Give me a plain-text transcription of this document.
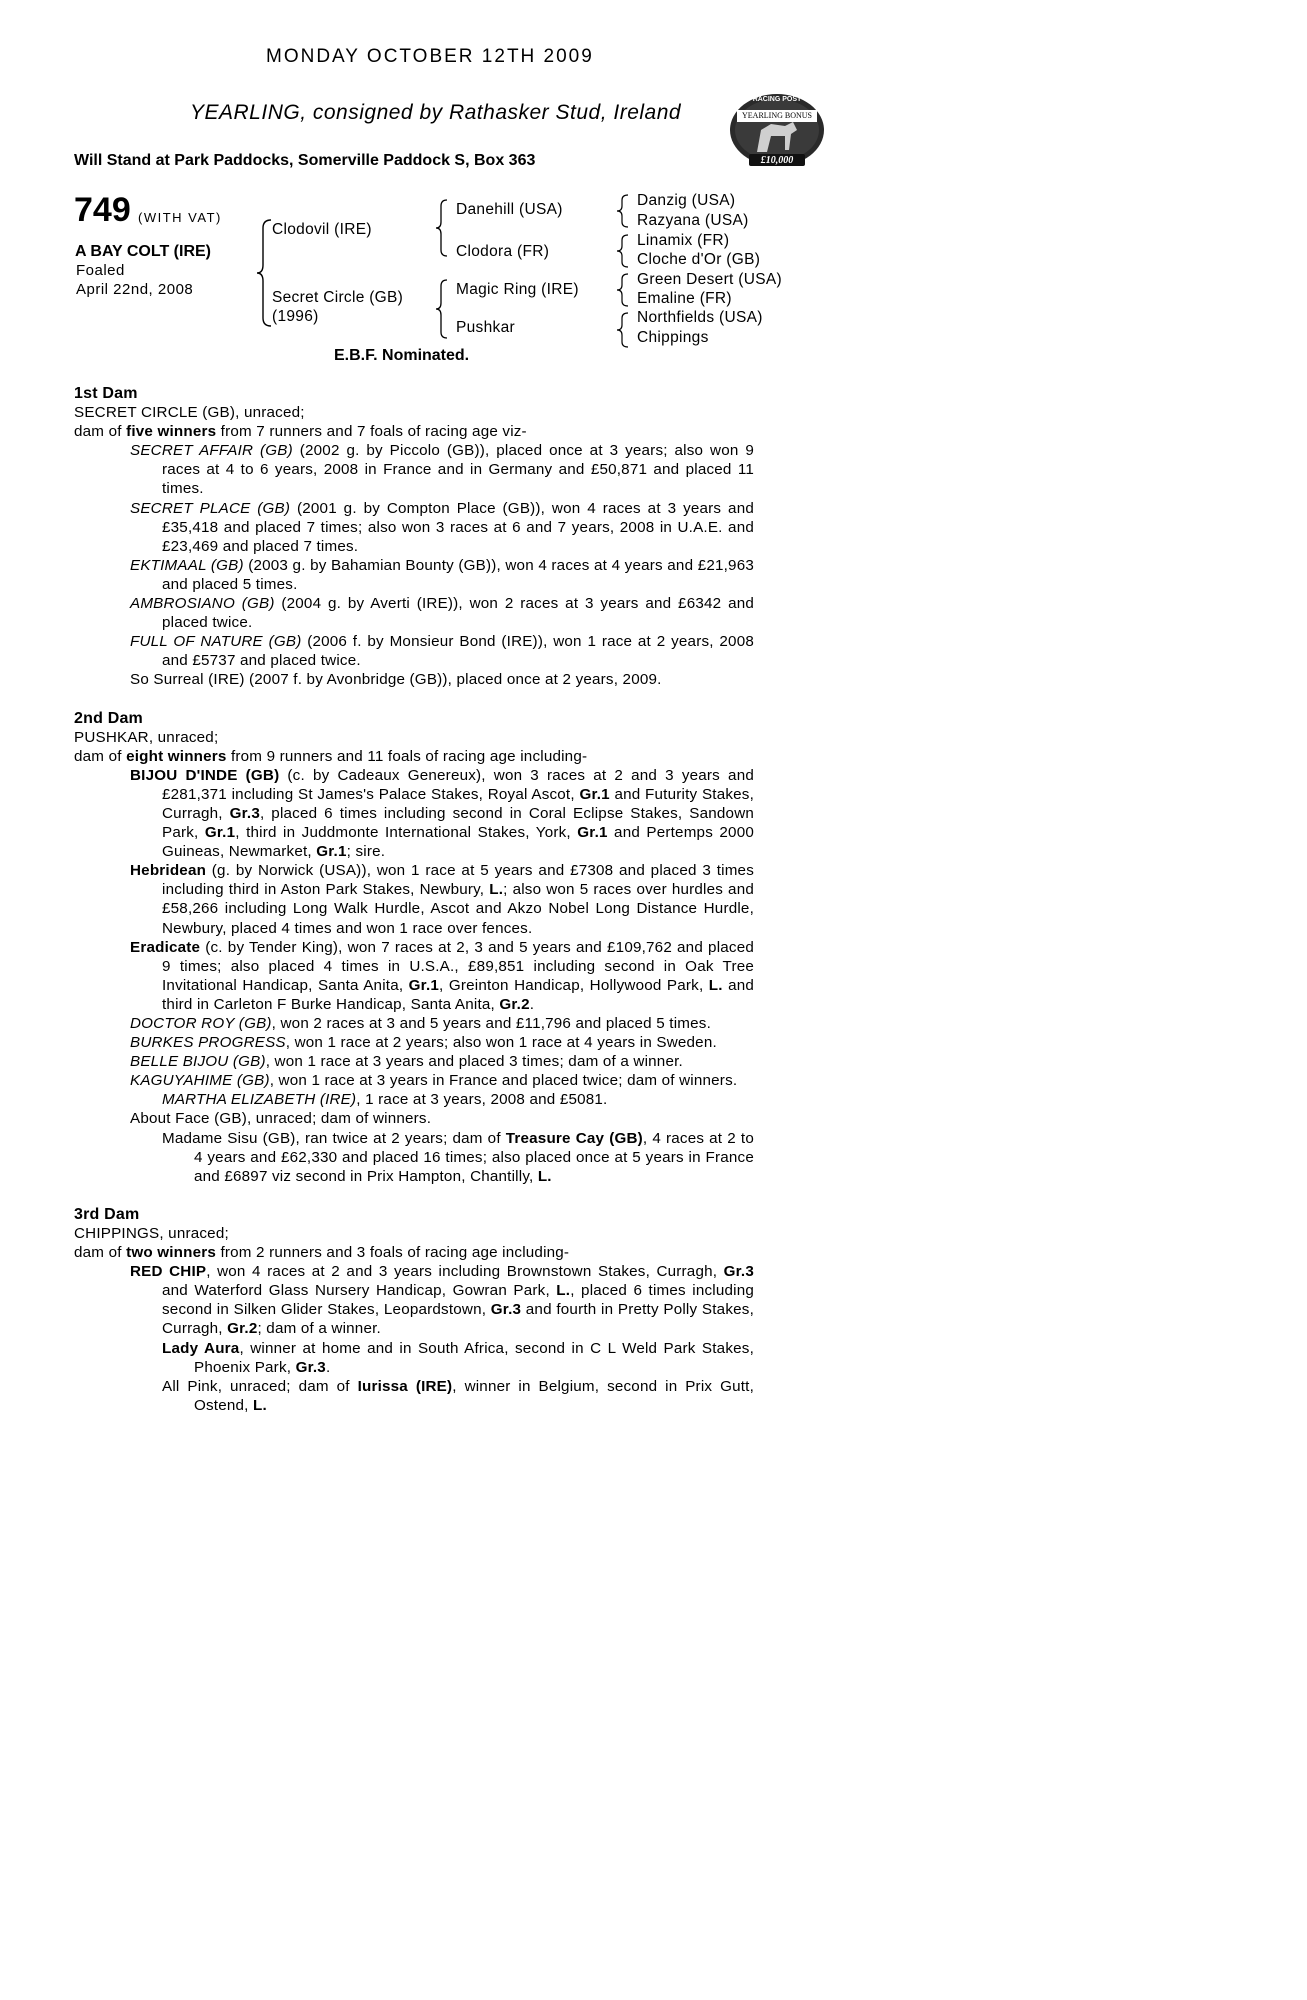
MONDAY OCTOBER 12TH 2009
YEARLING, consigned by Rathasker Stud, Ireland
Will Stand at Park Paddocks, Somerville Paddock S, Box 363
RACING POST
YEARLING BONUS
£10,000
749 (WITH VAT)
A BAY COLT (IRE)
Foaled
April 22nd, 2008
Clodovil (IRE)
Secret Circle (GB)
(1996)
Danehill (USA)
Clodora (FR)
Magic Ring (IRE)
Pushkar
Danzig (USA)
Razyana (USA)
Linamix (FR)
Cloche d'Or (GB)
Green Desert (USA)
Emaline (FR)
Northfields (USA)
Chippings
E.B.F. Nominated.

1st Dam

SECRET CIRCLE (GB), unraced;

dam of five winners from 7 runners and 7 foals of racing age viz-

SECRET AFFAIR (GB) (2002 g. by Piccolo (GB)), placed once at 3 years; also won 9 races at 4 to 6 years, 2008 in France and in Germany and £50,871 and placed 11 times.

SECRET PLACE (GB) (2001 g. by Compton Place (GB)), won 4 races at 3 years and £35,418 and placed 7 times; also won 3 races at 6 and 7 years, 2008 in U.A.E. and £23,469 and placed 7 times.

EKTIMAAL (GB) (2003 g. by Bahamian Bounty (GB)), won 4 races at 4 years and £21,963 and placed 5 times.

AMBROSIANO (GB) (2004 g. by Averti (IRE)), won 2 races at 3 years and £6342 and placed twice.

FULL OF NATURE (GB) (2006 f. by Monsieur Bond (IRE)), won 1 race at 2 years, 2008 and £5737 and placed twice.

So Surreal (IRE) (2007 f. by Avonbridge (GB)), placed once at 2 years, 2009.

2nd Dam

PUSHKAR, unraced;

dam of eight winners from 9 runners and 11 foals of racing age including-

BIJOU D'INDE (GB) (c. by Cadeaux Genereux), won 3 races at 2 and 3 years and £281,371 including St James's Palace Stakes, Royal Ascot, Gr.1 and Futurity Stakes, Curragh, Gr.3, placed 6 times including second in Coral Eclipse Stakes, Sandown Park, Gr.1, third in Juddmonte International Stakes, York, Gr.1 and Pertemps 2000 Guineas, Newmarket, Gr.1; sire.

Hebridean (g. by Norwick (USA)), won 1 race at 5 years and £7308 and placed 3 times including third in Aston Park Stakes, Newbury, L.; also won 5 races over hurdles and £58,266 including Long Walk Hurdle, Ascot and Akzo Nobel Long Distance Hurdle, Newbury, placed 4 times and won 1 race over fences.

Eradicate (c. by Tender King), won 7 races at 2, 3 and 5 years and £109,762 and placed 9 times; also placed 4 times in U.S.A., £89,851 including second in Oak Tree Invitational Handicap, Santa Anita, Gr.1, Greinton Handicap, Hollywood Park, L. and third in Carleton F Burke Handicap, Santa Anita, Gr.2.

DOCTOR ROY (GB), won 2 races at 3 and 5 years and £11,796 and placed 5 times.

BURKES PROGRESS, won 1 race at 2 years; also won 1 race at 4 years in Sweden.

BELLE BIJOU (GB), won 1 race at 3 years and placed 3 times; dam of a winner.

KAGUYAHIME (GB), won 1 race at 3 years in France and placed twice; dam of winners.

MARTHA ELIZABETH (IRE), 1 race at 3 years, 2008 and £5081.

About Face (GB), unraced; dam of winners.

Madame Sisu (GB), ran twice at 2 years; dam of Treasure Cay (GB), 4 races at 2 to 4 years and £62,330 and placed 16 times; also placed once at 5 years in France and £6897 viz second in Prix Hampton, Chantilly, L.

3rd Dam

CHIPPINGS, unraced;

dam of two winners from 2 runners and 3 foals of racing age including-

RED CHIP, won 4 races at 2 and 3 years including Brownstown Stakes, Curragh, Gr.3 and Waterford Glass Nursery Handicap, Gowran Park, L., placed 6 times including second in Silken Glider Stakes, Leopardstown, Gr.3 and fourth in Pretty Polly Stakes, Curragh, Gr.2; dam of a winner.

Lady Aura, winner at home and in South Africa, second in C L Weld Park Stakes, Phoenix Park, Gr.3.

All Pink, unraced; dam of Iurissa (IRE), winner in Belgium, second in Prix Gutt, Ostend, L.
